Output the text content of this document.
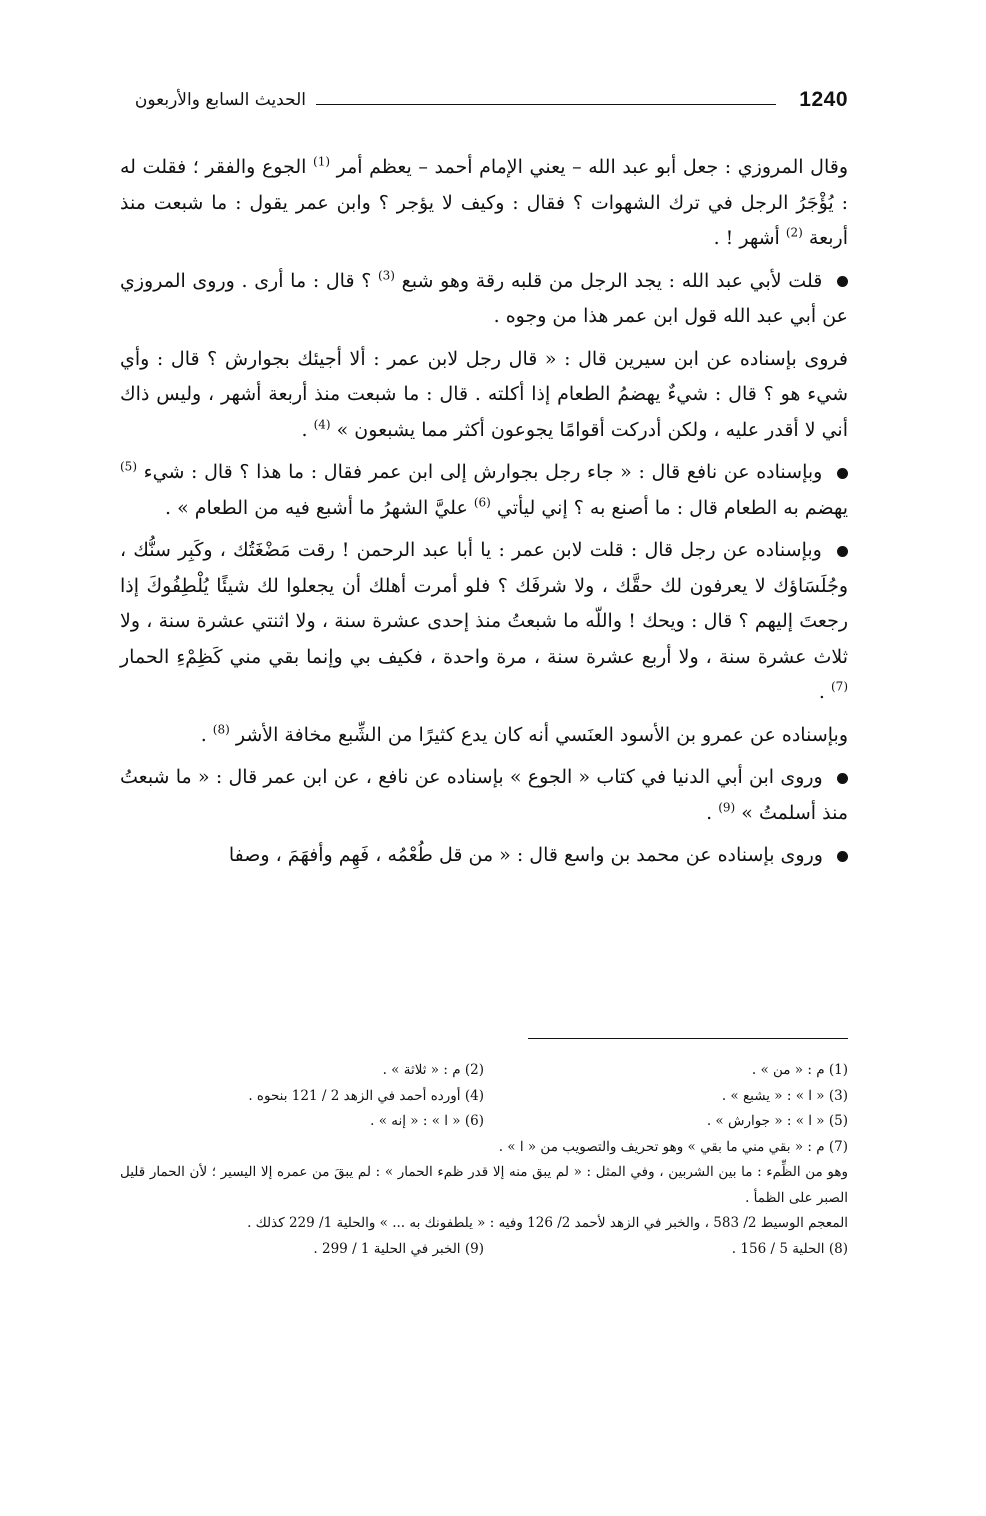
1240
الحديث السابع والأربعون

وقال المروزي : جعل أبو عبد الله – يعني الإمام أحمد – يعظم أمر $^{(1)}$ الجوع والفقر ؛ فقلت له : يُؤْجَرُ الرجل في ترك الشهوات ؟ فقال : وكيف لا يؤجر ؟ وابن عمر يقول : ما شبعت منذ أربعة $^{(2)}$ أشهر ! .

قلت لأبي عبد الله : يجد الرجل من قلبه رقة وهو شبع $^{(3)}$ ؟ قال : ما أرى . وروى المروزي عن أبي عبد الله قول ابن عمر هذا من وجوه .

فروى بإسناده عن ابن سيرين قال : « قال رجل لابن عمر : ألا أجيئك بجوارش ؟ قال : وأي شيء هو ؟ قال : شيءٌ يهضمُ الطعام إذا أكلته . قال : ما شبعت منذ أربعة أشهر ، وليس ذاك أني لا أقدر عليه ، ولكن أدركت أقوامًا يجوعون أكثر مما يشبعون » $^{(4)}$ .

وبإسناده عن نافع قال : « جاء رجل بجوارش إلى ابن عمر فقال : ما هذا ؟ قال : شيء $^{(5)}$ يهضم به الطعام قال : ما أصنع به ؟ إني ليأتي $^{(6)}$ عليَّ الشهرُ ما أشبع فيه من الطعام » .

وبإسناده عن رجل قال : قلت لابن عمر : يا أبا عبد الرحمن ! رقت مَضْغَتُك ، وكَبِر سنُّك ، وجُلَسَاؤك لا يعرفون لك حقَّك ، ولا شرفَك ؟ فلو أمرت أهلك أن يجعلوا لك شيئًا يُلْطِفُوكَ إذا رجعتَ إليهم ؟ قال : ويحك ! واللّه ما شبعتُ منذ إحدى عشرة سنة ، ولا اثنتي عشرة سنة ، ولا ثلاث عشرة سنة ، ولا أربع عشرة سنة ، مرة واحدة ، فكيف بي وإنما بقي مني كَظِمْءِ الحمار $^{(7)}$ .

وبإسناده عن عمرو بن الأسود العنَسي أنه كان يدع كثيرًا من الشِّبع مخافة الأشر $^{(8)}$ .

وروى ابن أبي الدنيا في كتاب « الجوع » بإسناده عن نافع ، عن ابن عمر قال : « ما شبعتُ منذ أسلمتُ » $^{(9)}$ .

وروى بإسناده عن محمد بن واسع قال : « من قل طُعْمُه ، فَهِم وأفهَمَ ، وصفا

(1) م : « من » .
(2) م : « ثلاثة » .
(3) « ا » : « يشبع » .
(4) أورده أحمد في الزهد 2 / 121 بنحوه .
(5) « ا » : « جوارش » .
(6) « ا » : « إنه » .
(7) م : « بقي مني ما بقي » وهو تحريف والتصويب من « ا » .
وهو من الظِّمء : ما بين الشربين ، وفي المثل : « لم يبق منه إلا قدر ظمء الحمار » : لم يبقَ من عمره إلا اليسير ؛ لأن الحمار قليل الصبر على الظمأ .
المعجم الوسيط 2/ 583 ، والخبر في الزهد لأحمد 2/ 126 وفيه : « يلطفونك به ... » والحلية 1/ 229 كذلك .
(8) الحلية 5 / 156 .
(9) الخبر في الحلية 1 / 299 .
